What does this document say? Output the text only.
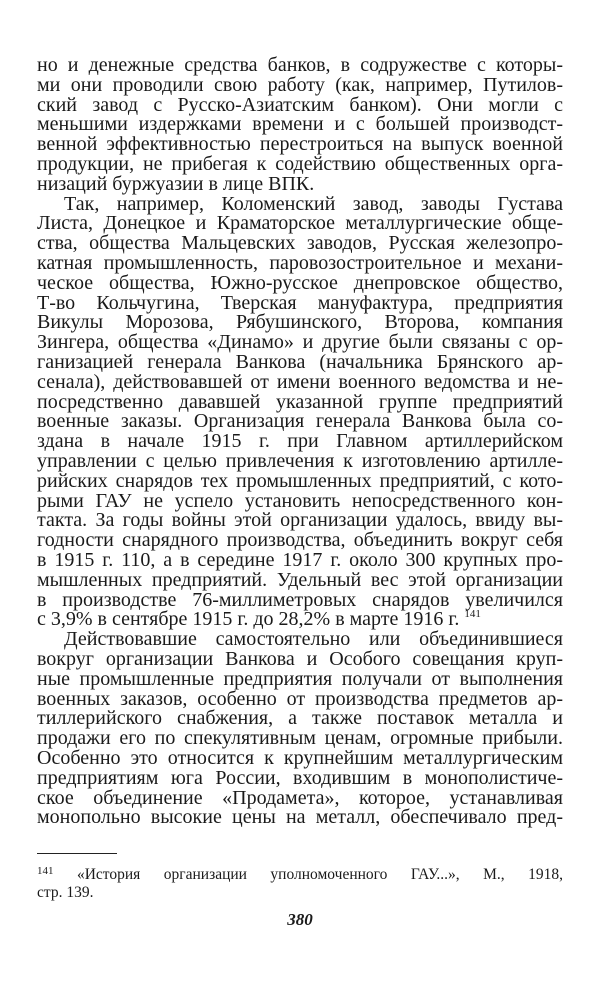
но и денежные средства банков, в содружестве с которы-
ми они проводили свою работу (как, например, Путилов-
ский завод с Русско-Азиатским банком). Они могли с
меньшими издержками времени и с большей производст-
венной эффективностью перестроиться на выпуск военной
продукции, не прибегая к содействию общественных орга-
низаций буржуазии в лице ВПК.
Так, например, Коломенский завод, заводы Густава
Листа, Донецкое и Краматорское металлургические обще-
ства, общества Мальцевских заводов, Русская железопро-
катная промышленность, паровозостроительное и механи-
ческое общества, Южно-русское днепровское общество,
Т-во Кольчугина, Тверская мануфактура, предприятия
Викулы Морозова, Рябушинского, Второва, компания
Зингера, общества «Динамо» и другие были связаны с ор-
ганизацией генерала Ванкова (начальника Брянского ар-
сенала), действовавшей от имени военного ведомства и не-
посредственно дававшей указанной группе предприятий
военные заказы. Организация генерала Ванкова была со-
здана в начале 1915 г. при Главном артиллерийском
управлении с целью привлечения к изготовлению артилле-
рийских снарядов тех промышленных предприятий, с кото-
рыми ГАУ не успело установить непосредственного кон-
такта. За годы войны этой организации удалось, ввиду вы-
годности снарядного производства, объединить вокруг себя
в 1915 г. 110, а в середине 1917 г. около 300 крупных про-
мышленных предприятий. Удельный вес этой организации
в производстве 76-миллиметровых снарядов увеличился
с 3,9% в сентябре 1915 г. до 28,2% в марте 1916 г. $^{141}$
Действовавшие самостоятельно или объединившиеся
вокруг организации Ванкова и Особого совещания круп-
ные промышленные предприятия получали от выполнения
военных заказов, особенно от производства предметов ар-
тиллерийского снабжения, а также поставок металла и
продажи его по спекулятивным ценам, огромные прибыли.
Особенно это относится к крупнейшим металлургическим
предприятиям юга России, входившим в монополистиче-
ское объединение «Продамета», которое, устанавливая
монопольно высокие цены на металл, обеспечивало пред-
$^{141}$ «История организации уполномоченного ГАУ...», М., 1918,
стр. 139.
380
